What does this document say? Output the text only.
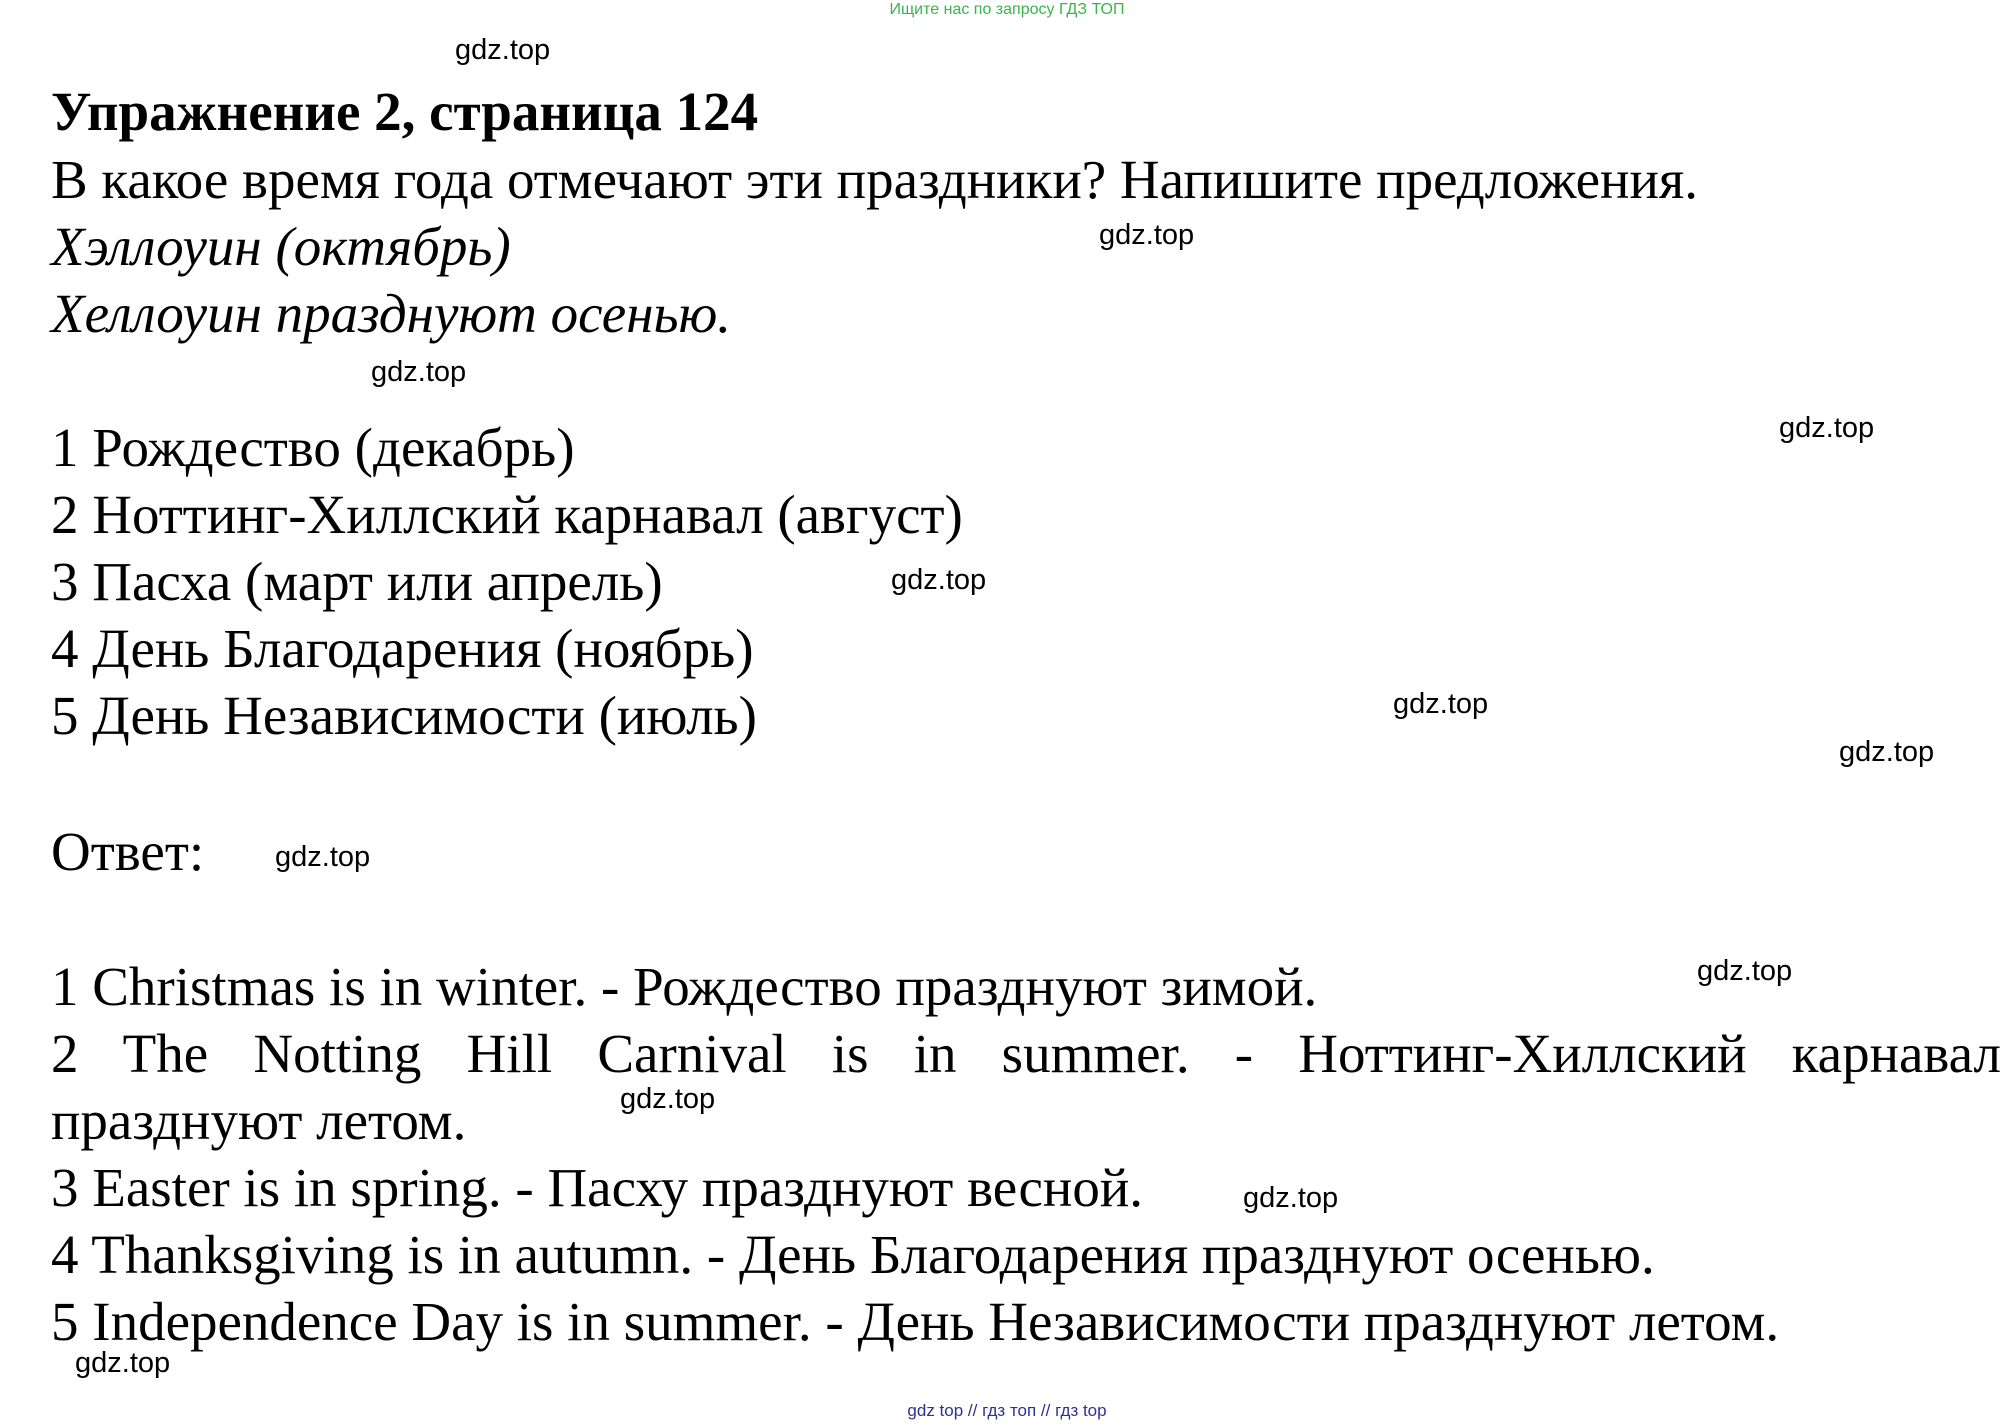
Ищите нас по запросу ГДЗ ТОП
Упражнение 2, страница 124
В какое время года отмечают эти праздники? Напишите предложения.
Хэллоуин (октябрь)
Хеллоуин празднуют осенью.
1 Рождество (декабрь)
2 Ноттинг-Хиллский карнавал (август)
3 Пасха (март или апрель)
4 День Благодарения (ноябрь)
5 День Независимости (июль)
Ответ:
1 Christmas is in winter. - Рождество празднуют зимой.
2 The Notting Hill Carnival is in summer. - Ноттинг-Хиллский карнавал
празднуют летом.
3 Easter is in spring. - Пасху празднуют весной.
4 Thanksgiving is in autumn. - День Благодарения празднуют осенью.
5 Independence Day is in summer. - День Независимости празднуют летом.
gdz.top
gdz.top
gdz.top
gdz.top
gdz.top
gdz.top
gdz.top
gdz.top
gdz.top
gdz.top
gdz.top
gdz.top
gdz top // гдз топ // гдз top
